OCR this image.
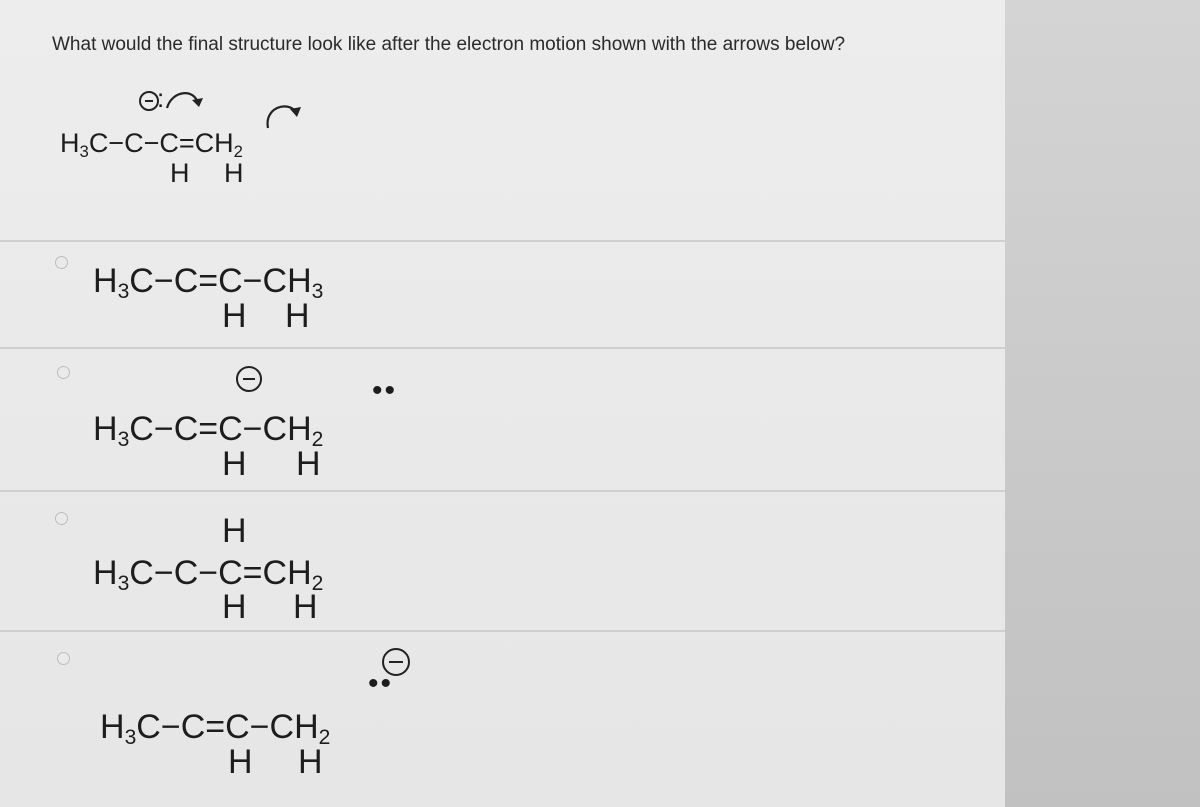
What would the final structure look like after the electron motion shown with the arrows below?
H3C−C−C=CH2
H H
:
H3C−C=C−CH3
H H
••
H3C−C=C−CH2
H H
H
H3C−C−C=CH2
H H
••
H3C−C=C−CH2
H H
